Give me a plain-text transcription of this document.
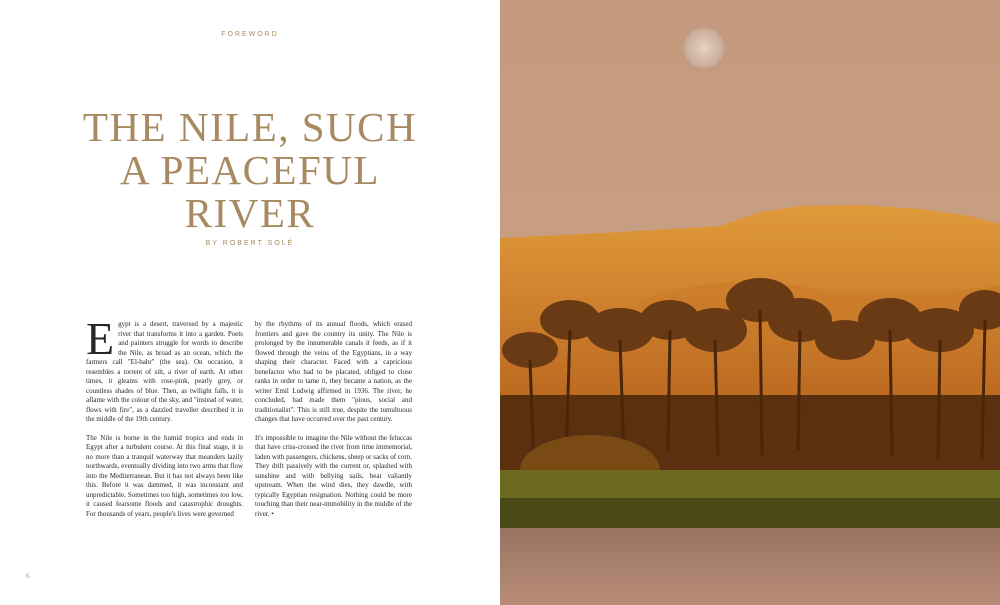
FOREWORD
THE NILE, SUCH
A PEACEFUL
RIVER
BY ROBERT SOLÉ

Egypt is a desert, traversed by a majestic river that transforms it into a garden. Poets and painters struggle for words to describe the Nile, as broad as an ocean, which the farmers call "El-bahr" (the sea). On occasion, it resembles a torrent of silt, a river of earth. At other times, it gleams with rose-pink, pearly grey, or countless shades of blue. Then, as twilight falls, it is aflame with the colour of the sky, and "instead of water, flows with fire", as a dazzled traveller described it in the middle of the 19th century.

The Nile is borne in the humid tropics and ends in Egypt after a turbulent course. At this final stage, it is no more than a tranquil waterway that meanders lazily northwards, eventually dividing into two arms that flow into the Mediterranean. But it has not always been like this. Before it was dammed, it was inconstant and unpredictable. Sometimes too high, sometimes too low, it caused fearsome floods and catastrophic droughts. For thousands of years, people's lives were governed

by the rhythms of its annual floods, which erased frontiers and gave the country its unity. The Nile is prolonged by the innumerable canals it feeds, as if it flowed through the veins of the Egyptians, in a way shaping their character. Faced with a capricious benefactor who had to be placated, obliged to close ranks in order to tame it, they became a nation, as the writer Emil Ludwig affirmed in 1936. The river, he concluded, had made them "pious, social and traditionalist". This is still true, despite the tumultuous changes that have occurred over the past century.

It's impossible to imagine the Nile without the feluccas that have criss-crossed the river from time immemorial, laden with passengers, chickens, sheep or sacks of corn. They drift passively with the current or, splashed with sunshine and with bellying sails, beat valiantly upstream. When the wind dies, they dawdle, with typically Egyptian resignation. Nothing could be more touching than their near-immobility in the middle of the river. •

6
